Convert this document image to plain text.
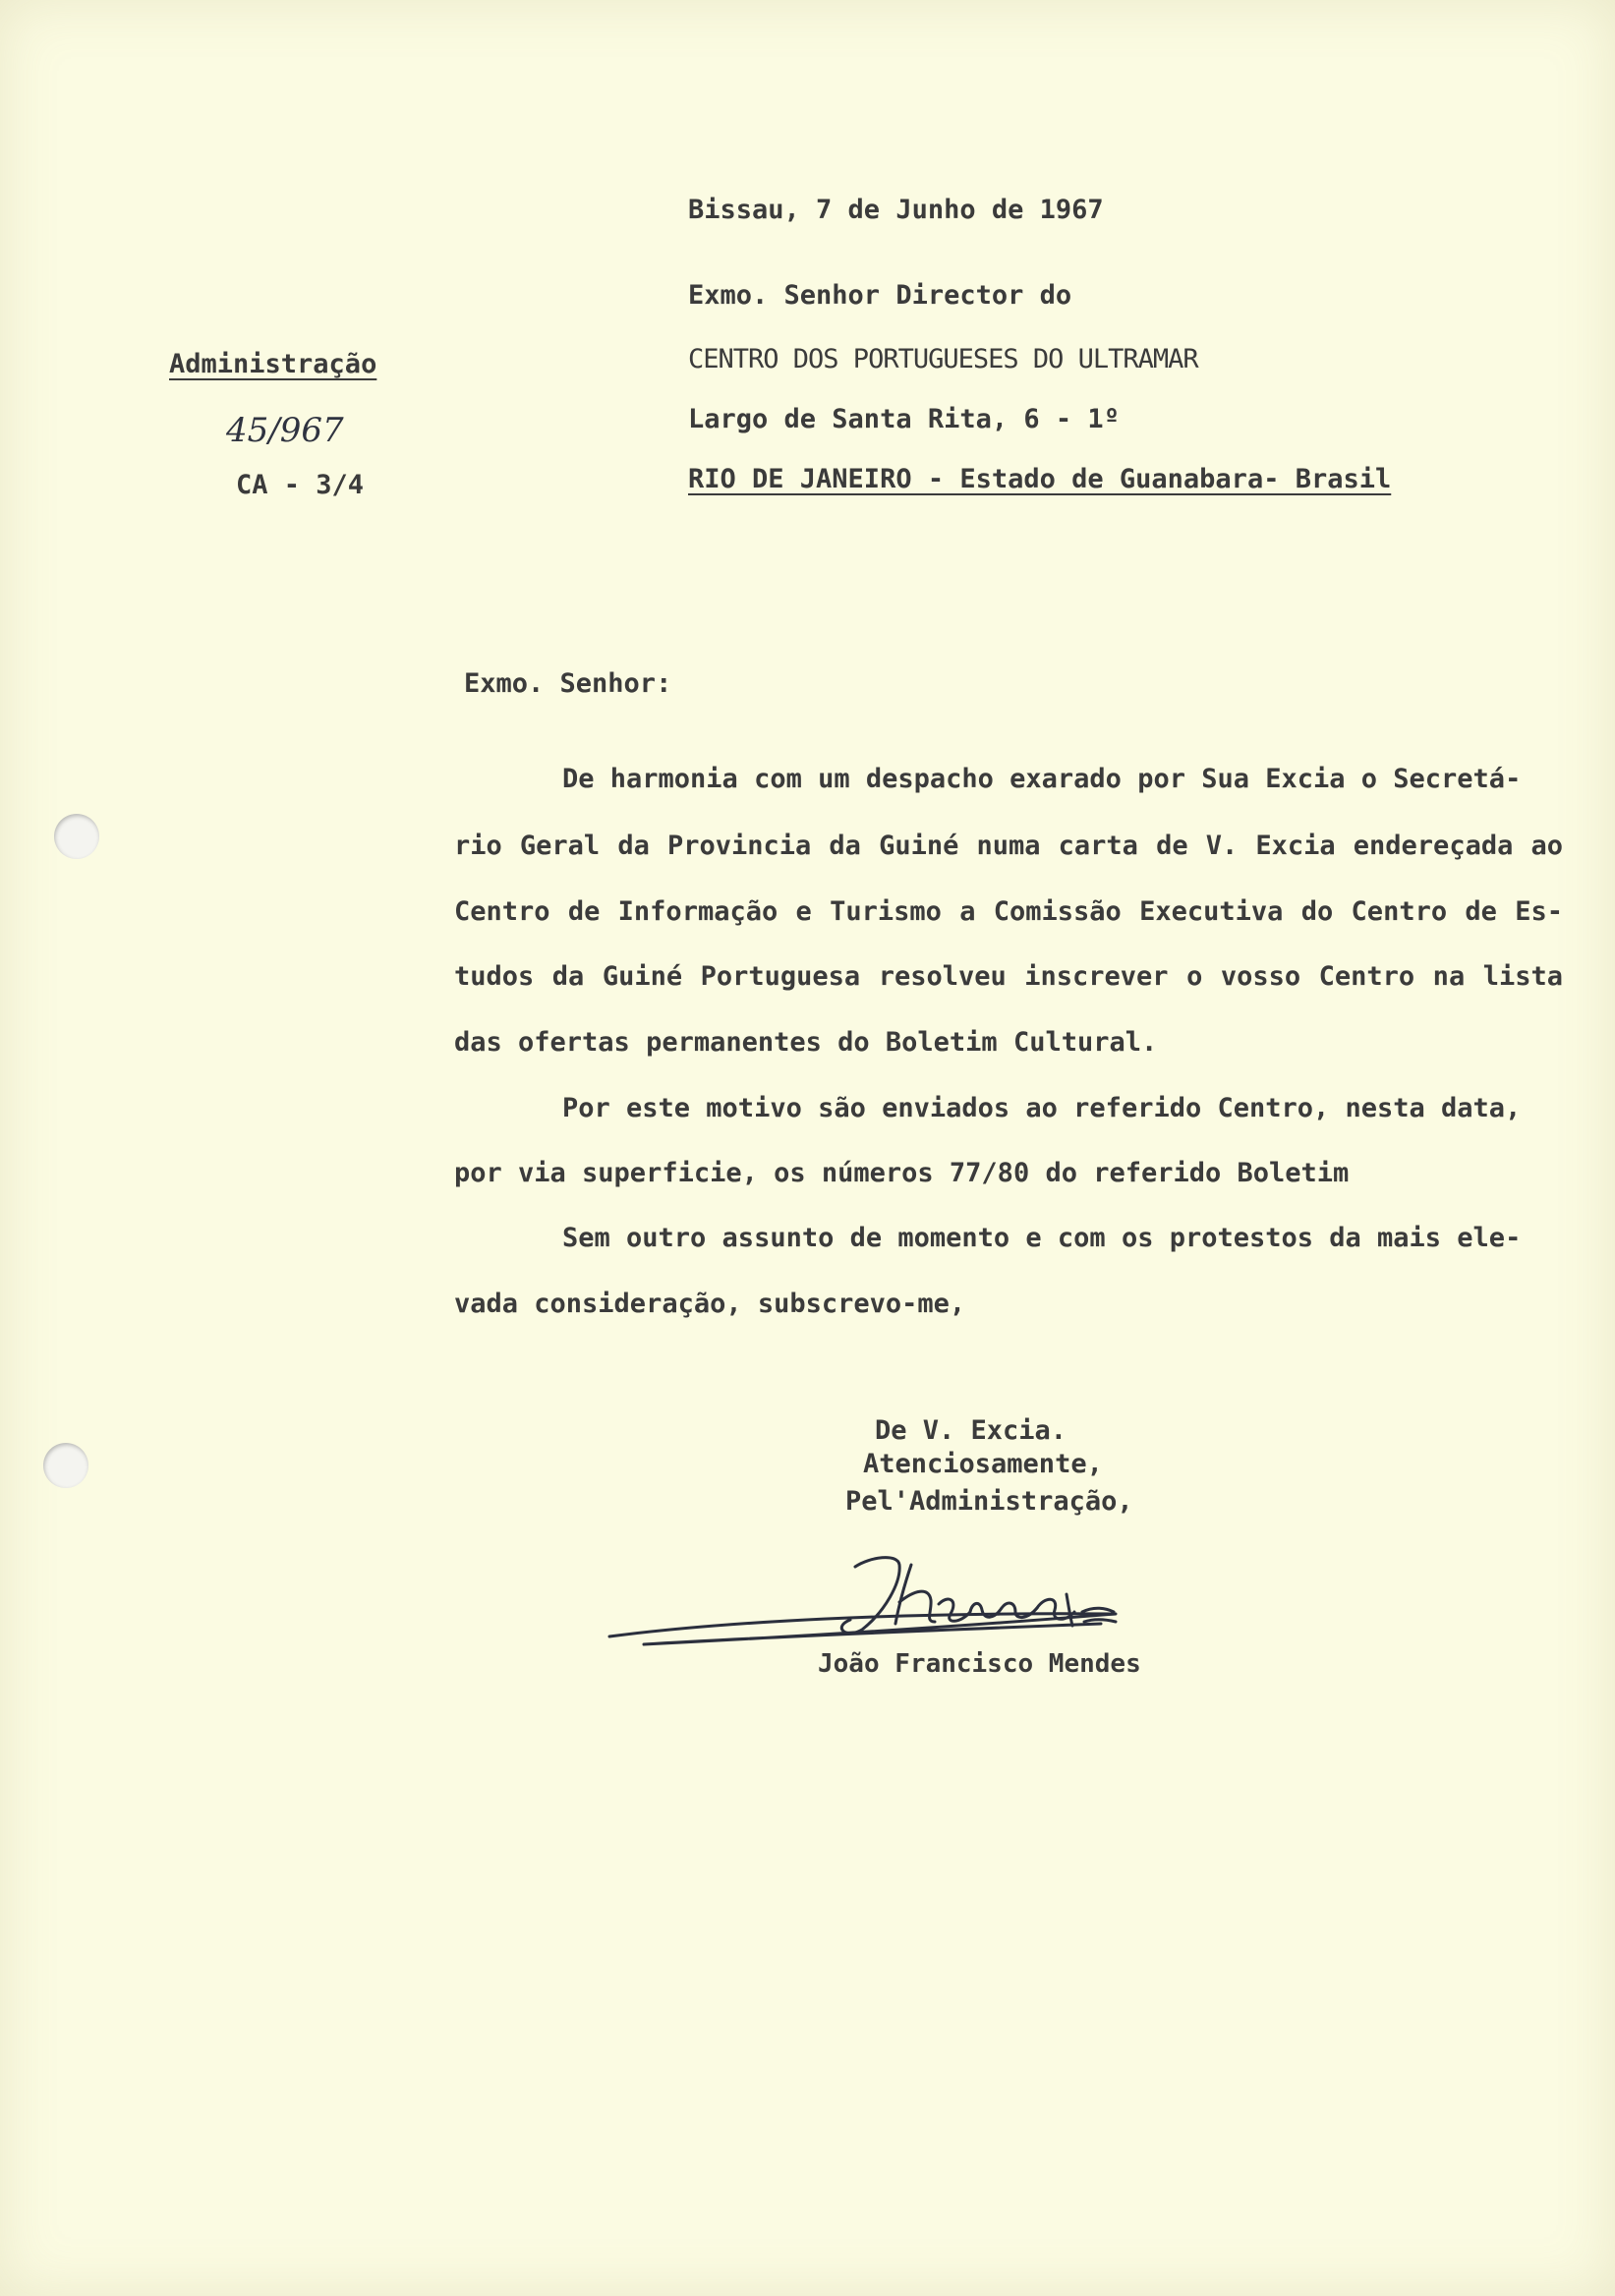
Bissau, 7 de Junho de 1967
Exmo. Senhor Director do
CENTRO DOS PORTUGUESES DO ULTRAMAR
Largo de Santa Rita, 6 - 1º
RIO DE JANEIRO - Estado de Guanabara- Brasil
Administração
45/967
CA - 3/4
Exmo. Senhor:
De harmonia com um despacho exarado por Sua Excia o Secretá-
rio Geral da Provincia da Guiné numa carta de V. Excia endereçada ao
Centro de Informação e Turismo a Comissão Executiva do Centro de Es-
tudos da Guiné Portuguesa resolveu inscrever o vosso Centro na lista
das ofertas permanentes do Boletim Cultural.
Por este motivo são enviados ao referido Centro, nesta data,
por via superficie, os números 77/80 do referido Boletim
Sem outro assunto de momento e com os protestos da mais ele-
vada consideração, subscrevo-me,
De V. Excia.
Atenciosamente,
Pel'Administração,
João Francisco Mendes
